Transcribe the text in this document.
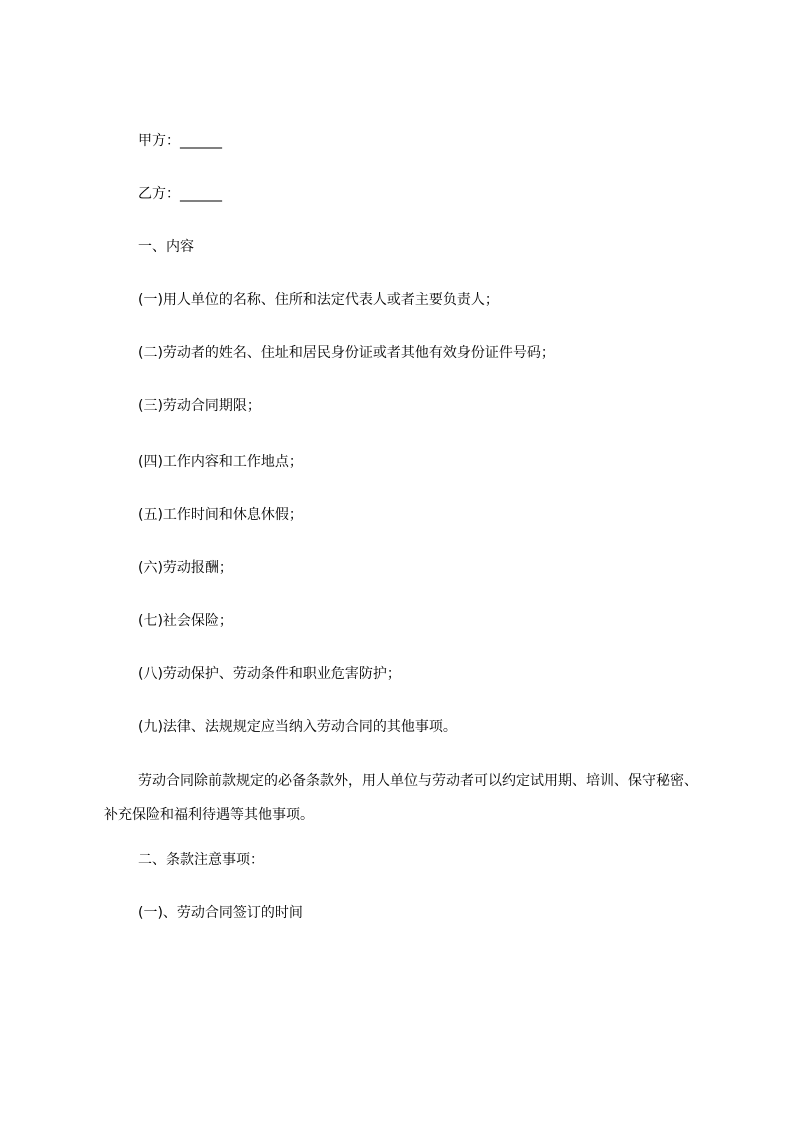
甲方：______
乙方：______
一、内容
(一)用人单位的名称、住所和法定代表人或者主要负责人；
(二)劳动者的姓名、住址和居民身份证或者其他有效身份证件号码；
(三)劳动合同期限；
(四)工作内容和工作地点；
(五)工作时间和休息休假；
(六)劳动报酬；
(七)社会保险；
(八)劳动保护、劳动条件和职业危害防护；
(九)法律、法规规定应当纳入劳动合同的其他事项。
劳动合同除前款规定的必备条款外，用人单位与劳动者可以约定试用期、培训、保守秘密、补充保险和福利待遇等其他事项。
二、条款注意事项：
(一)、劳动合同签订的时间
